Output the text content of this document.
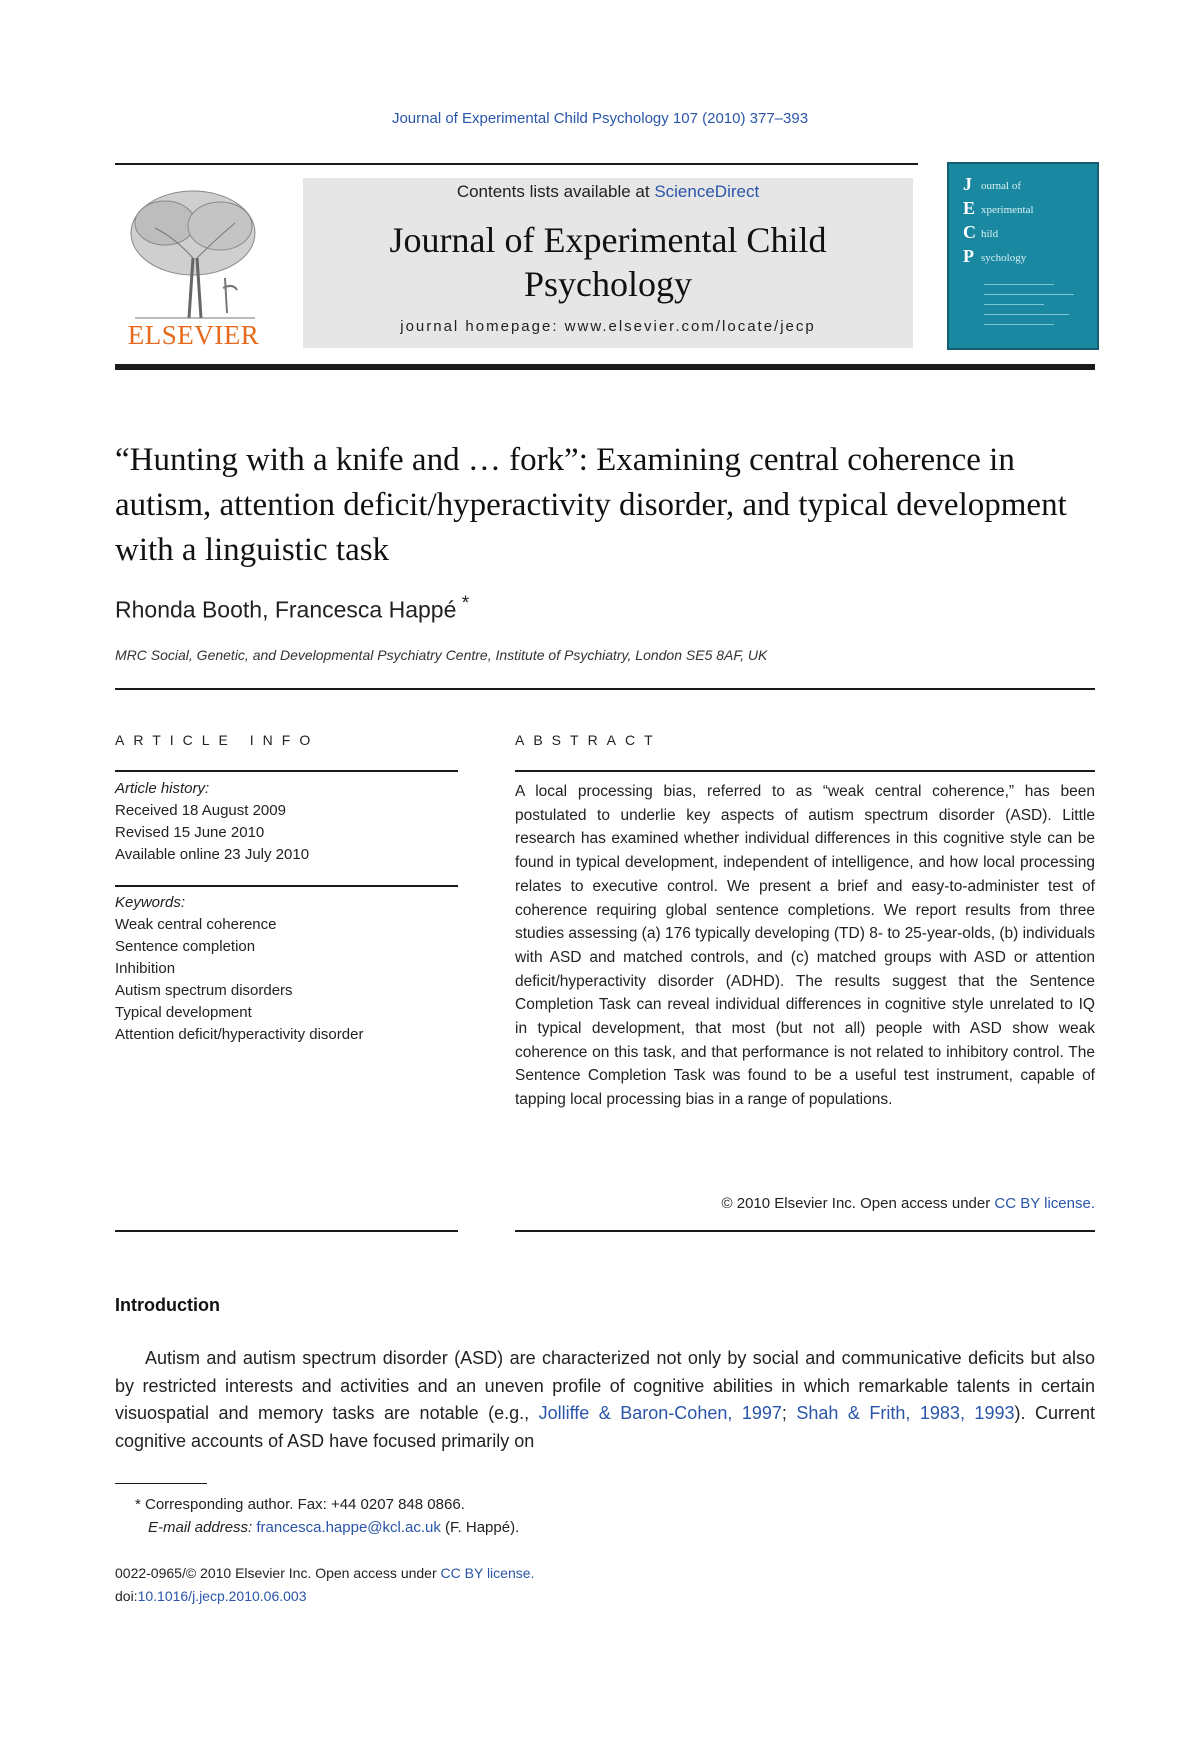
Journal of Experimental Child Psychology 107 (2010) 377–393
ELSEVIER
Contents lists available at ScienceDirect
Journal of Experimental Child Psychology
journal homepage: www.elsevier.com/locate/jecp
J
E
C
P
ournal of
xperimental
hild
sychology
“Hunting with a knife and … fork”: Examining central coherence in autism, attention deficit/hyperactivity disorder, and typical development with a linguistic task
Rhonda Booth, Francesca Happé *
MRC Social, Genetic, and Developmental Psychiatry Centre, Institute of Psychiatry, London SE5 8AF, UK
ARTICLE INFO
Article history:
Received 18 August 2009
Revised 15 June 2010
Available online 23 July 2010
Keywords:
Weak central coherence
Sentence completion
Inhibition
Autism spectrum disorders
Typical development
Attention deficit/hyperactivity disorder
ABSTRACT
A local processing bias, referred to as “weak central coherence,” has been postulated to underlie key aspects of autism spectrum disorder (ASD). Little research has examined whether individual differences in this cognitive style can be found in typical development, independent of intelligence, and how local processing relates to executive control. We present a brief and easy-to-administer test of coherence requiring global sentence completions. We report results from three studies assessing (a) 176 typically developing (TD) 8- to 25-year-olds, (b) individuals with ASD and matched controls, and (c) matched groups with ASD or attention deficit/hyperactivity disorder (ADHD). The results suggest that the Sentence Completion Task can reveal individual differences in cognitive style unrelated to IQ in typical development, that most (but not all) people with ASD show weak coherence on this task, and that performance is not related to inhibitory control. The Sentence Completion Task was found to be a useful test instrument, capable of tapping local processing bias in a range of populations.
© 2010 Elsevier Inc. Open access under CC BY license.
Introduction
Autism and autism spectrum disorder (ASD) are characterized not only by social and communicative deficits but also by restricted interests and activities and an uneven profile of cognitive abilities in which remarkable talents in certain visuospatial and memory tasks are notable (e.g., Jolliffe & Baron-Cohen, 1997; Shah & Frith, 1983, 1993). Current cognitive accounts of ASD have focused primarily on
* Corresponding author. Fax: +44 0207 848 0866.
E-mail address: francesca.happe@kcl.ac.uk (F. Happé).
0022-0965/© 2010 Elsevier Inc. Open access under CC BY license.
doi:10.1016/j.jecp.2010.06.003
